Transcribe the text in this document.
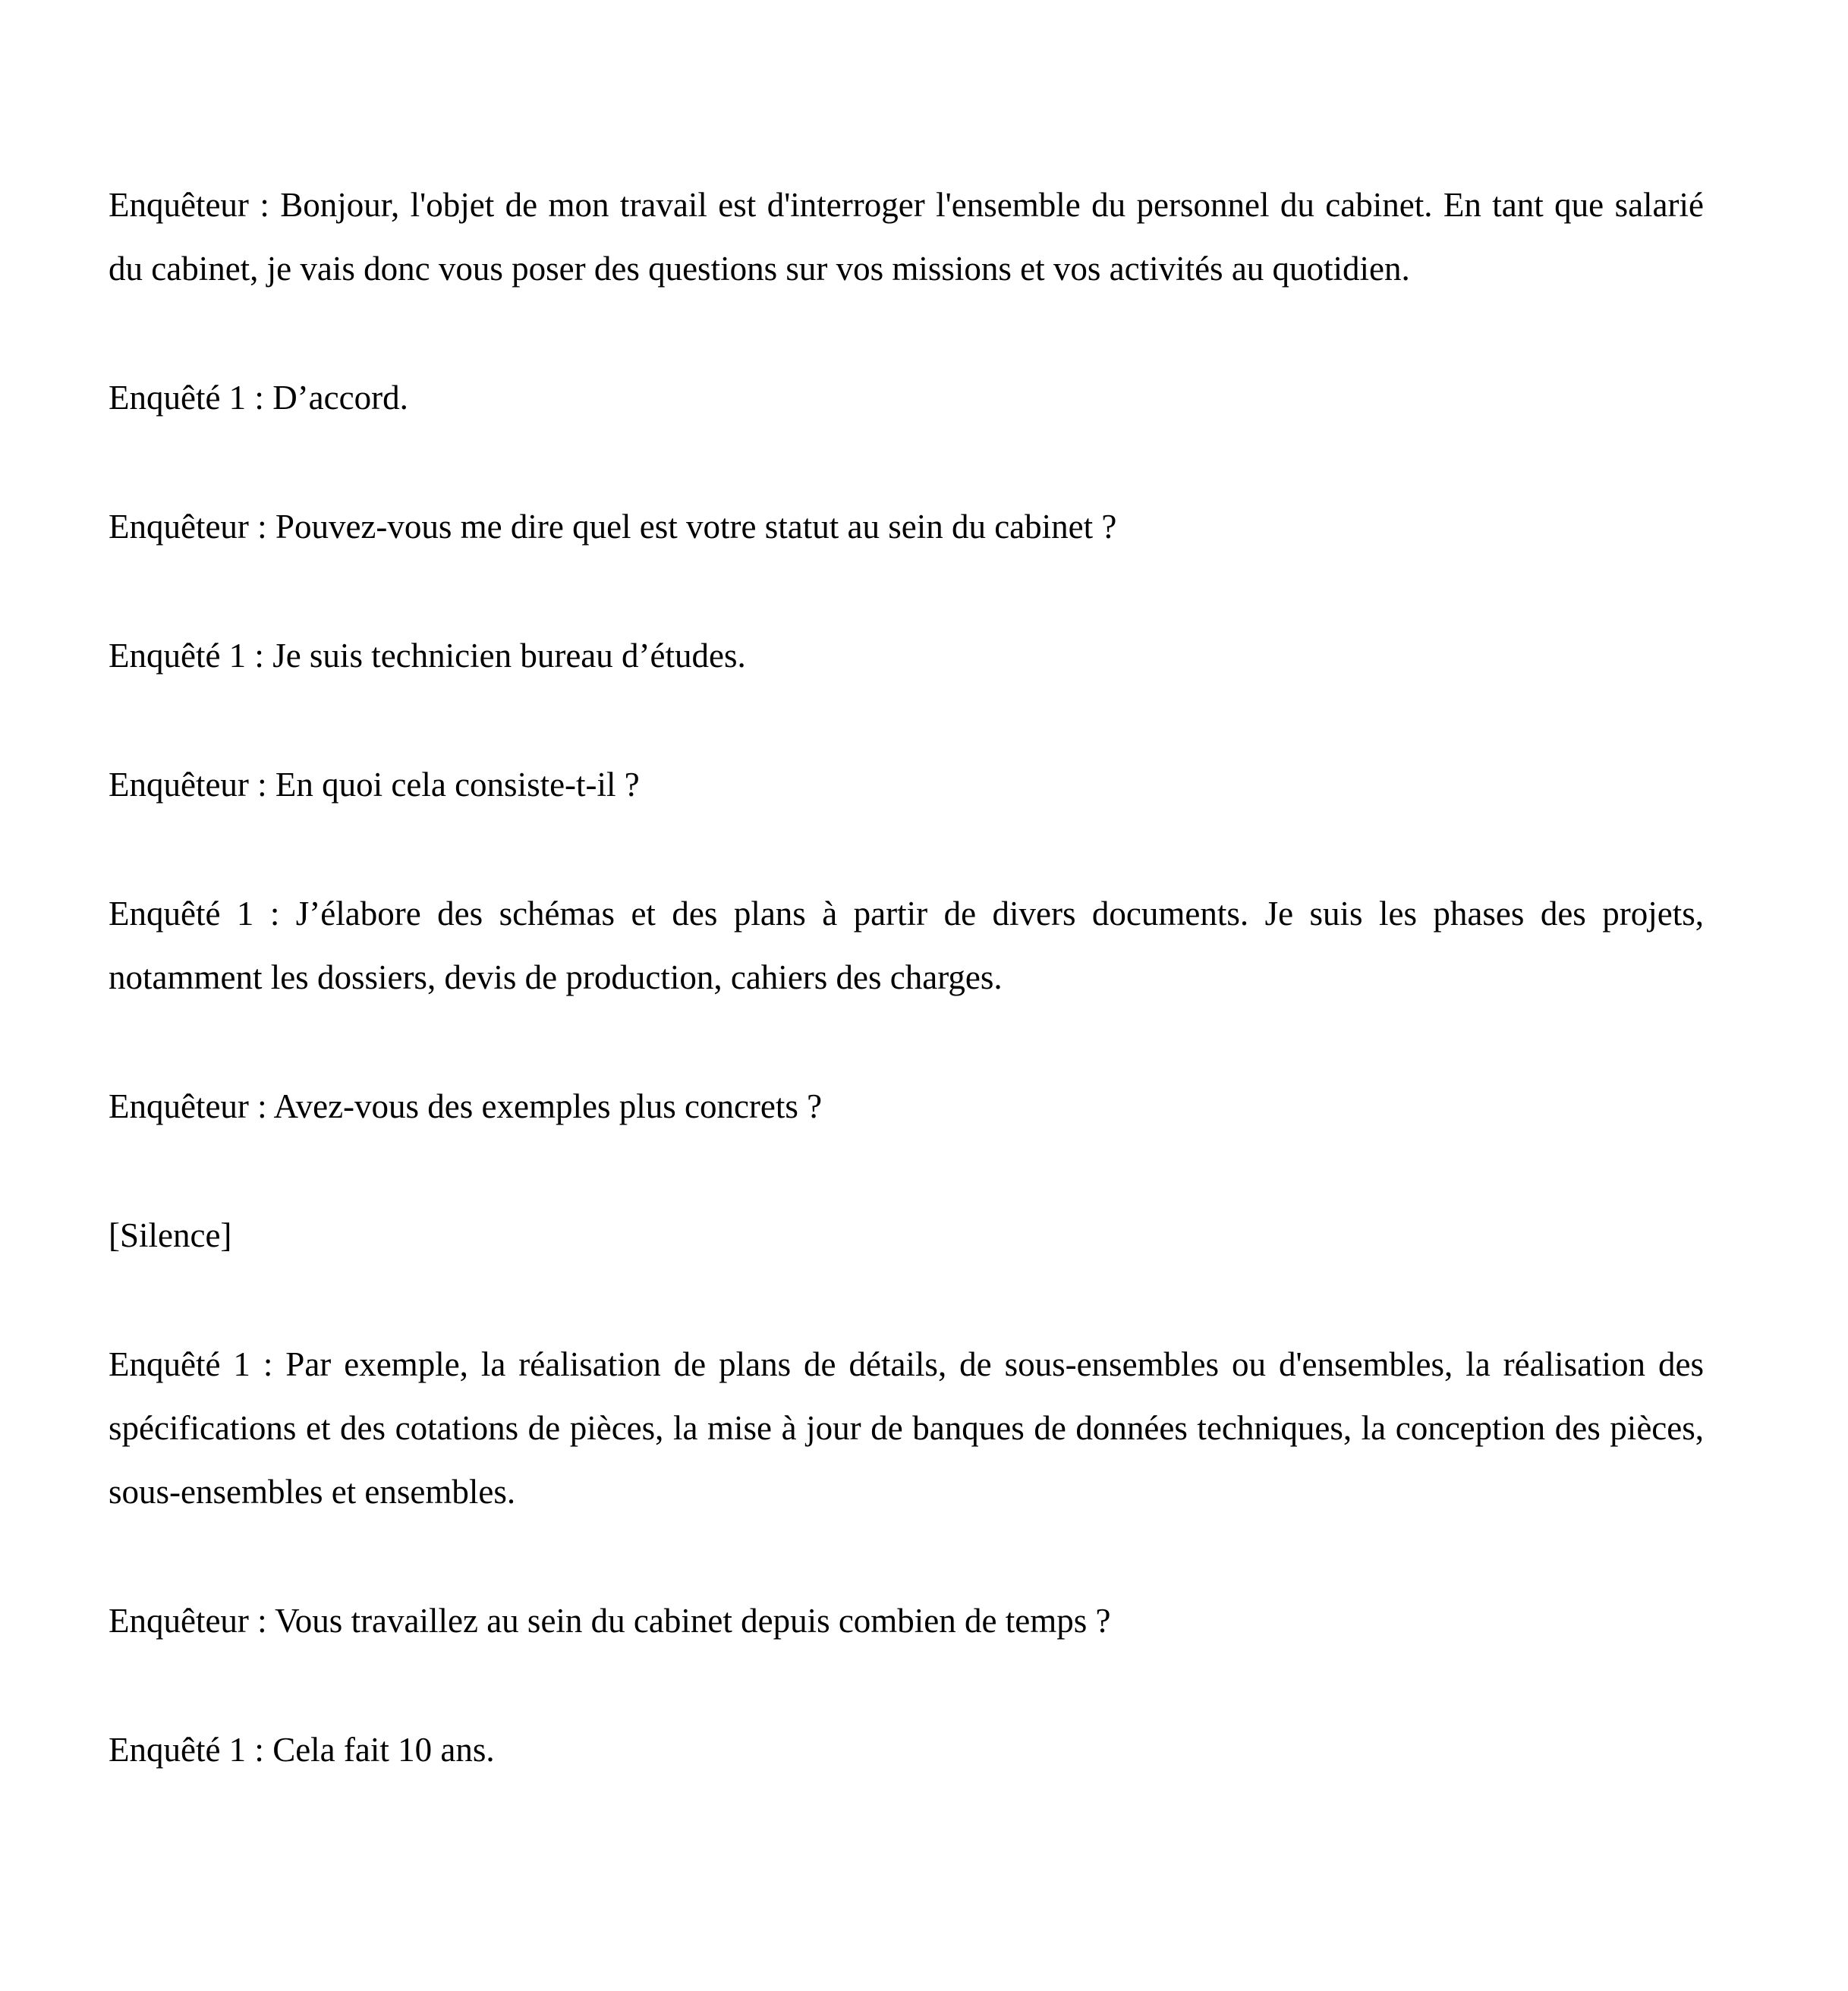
Enquêteur : Bonjour, l'objet de mon travail est d'interroger l'ensemble du personnel du cabinet. En tant que salarié du cabinet, je vais donc vous poser des questions sur vos missions et vos activités au quotidien.

Enquêté 1 : D’accord.

Enquêteur : Pouvez-vous me dire quel est votre statut au sein du cabinet ?

Enquêté 1 : Je suis technicien bureau d’études.

Enquêteur : En quoi cela consiste-t-il ?

Enquêté 1 : J’élabore des schémas et des plans à partir de divers documents. Je suis les phases des projets, notamment les dossiers, devis de production, cahiers des charges.

Enquêteur : Avez-vous des exemples plus concrets ?

[Silence]

Enquêté 1 : Par exemple, la réalisation de plans de détails, de sous-ensembles ou d'ensembles, la réalisation des spécifications et des cotations de pièces, la mise à jour de banques de données techniques, la conception des pièces, sous-ensembles et ensembles.

Enquêteur : Vous travaillez au sein du cabinet depuis combien de temps ?

Enquêté 1 : Cela fait 10 ans.
